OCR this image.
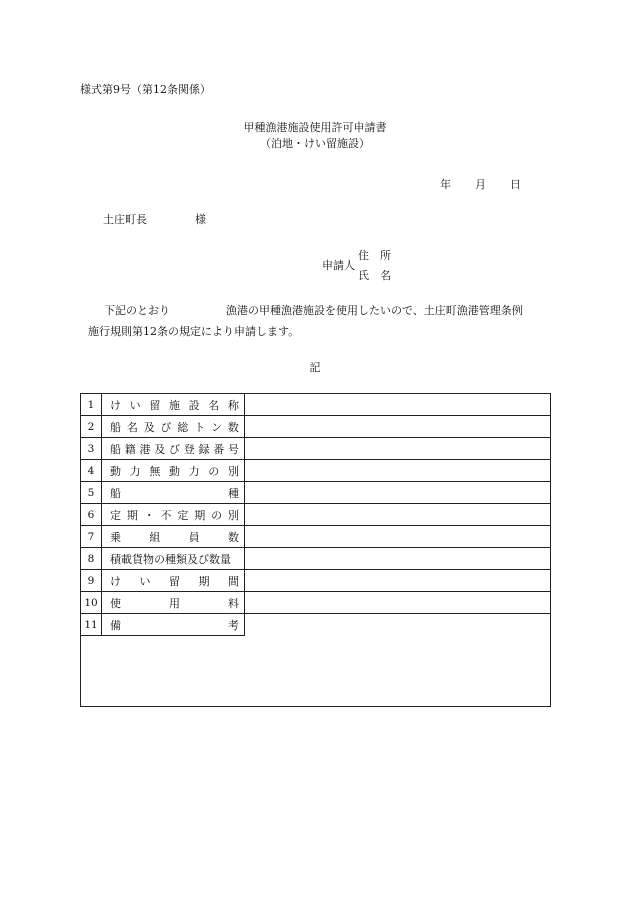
様式第9号（第12条関係）
甲種漁港施設使用許可申請書
（泊地・けい留施設）
年 月 日
土庄町長	様
申請人
住　所
氏　名
下記のとおり	漁港の甲種漁港施設を使用したいので、土庄町漁港管理条例
施行規則第12条の規定により申請します。
記
1	け い 留 施 設 名 称
2	船 名 及 び 総 ト ン 数
3	船 籍 港 及 び 登 録 番 号
4	動 力 無 動 力 の 別
5	船	種
6	定 期 ・ 不 定 期 の 別
7	乗	組	員	数
8	積載貨物の種類及び数量
9	け い 留 期 間
10	使	用	料
11	備	考
